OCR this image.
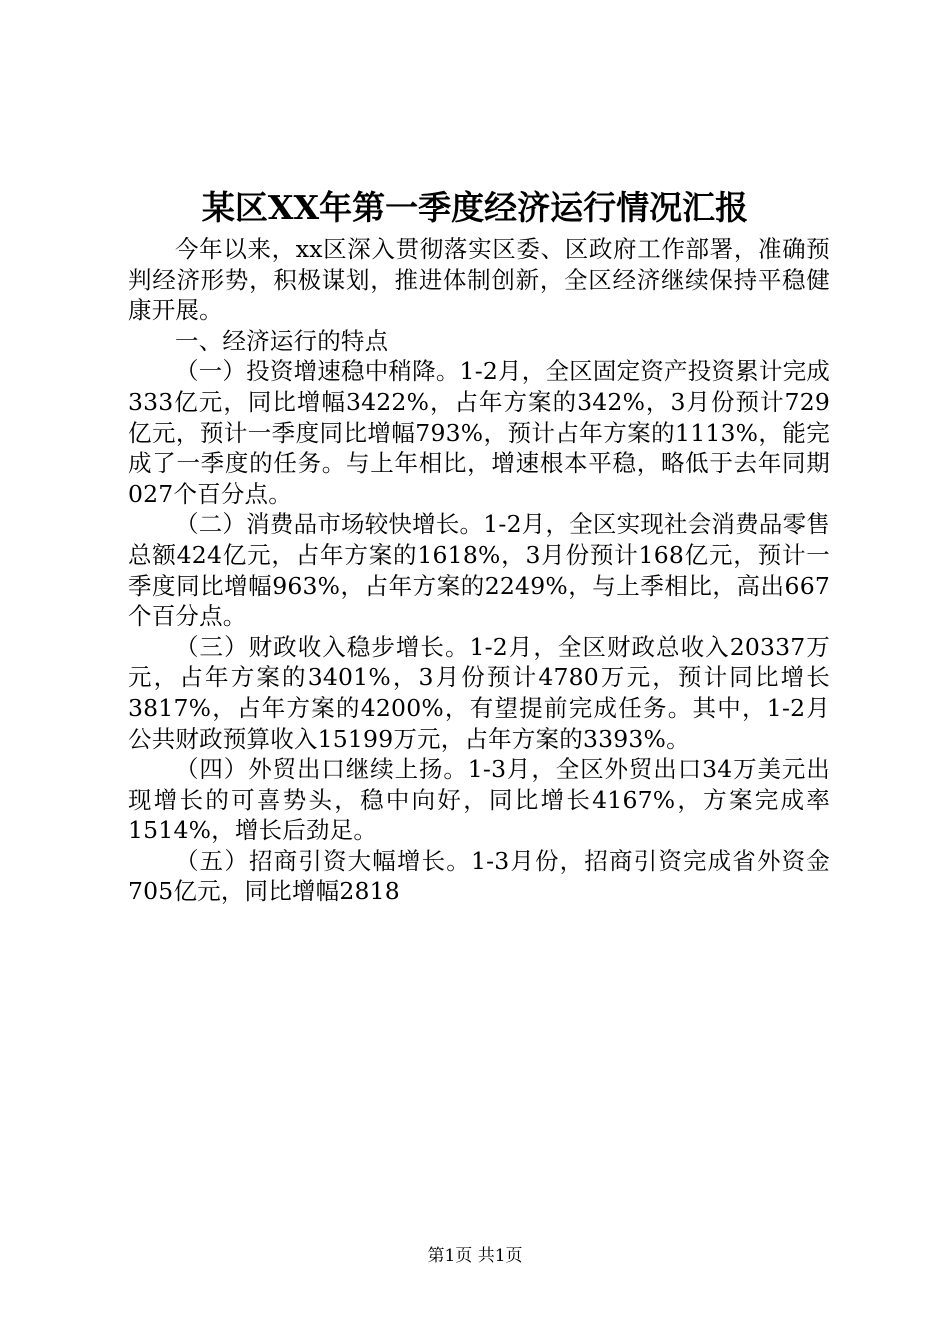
某区XX年第一季度经济运行情况汇报

今年以来，xx区深入贯彻落实区委、区政府工作部署，准确预判经济形势，积极谋划，推进体制创新，全区经济继续保持平稳健康开展。

一、经济运行的特点

（一）投资增速稳中稍降。1-2月，全区固定资产投资累计完成333亿元，同比增幅3422%，占年方案的342%，3月份预计729亿元，预计一季度同比增幅793%，预计占年方案的1113%，能完成了一季度的任务。与上年相比，增速根本平稳，略低于去年同期027个百分点。

（二）消费品市场较快增长。1-2月，全区实现社会消费品零售总额424亿元，占年方案的1618%，3月份预计168亿元，预计一季度同比增幅963%，占年方案的2249%，与上季相比，高出667个百分点。

（三）财政收入稳步增长。1-2月，全区财政总收入20337万元，占年方案的3401%，3月份预计4780万元，预计同比增长3817%，占年方案的4200%，有望提前完成任务。其中，1-2月公共财政预算收入15199万元，占年方案的3393%。

（四）外贸出口继续上扬。1-3月，全区外贸出口34万美元出现增长的可喜势头，稳中向好，同比增长4167%，方案完成率1514%，增长后劲足。

（五）招商引资大幅增长。1-3月份，招商引资完成省外资金705亿元，同比增幅2818

第1页 共1页
